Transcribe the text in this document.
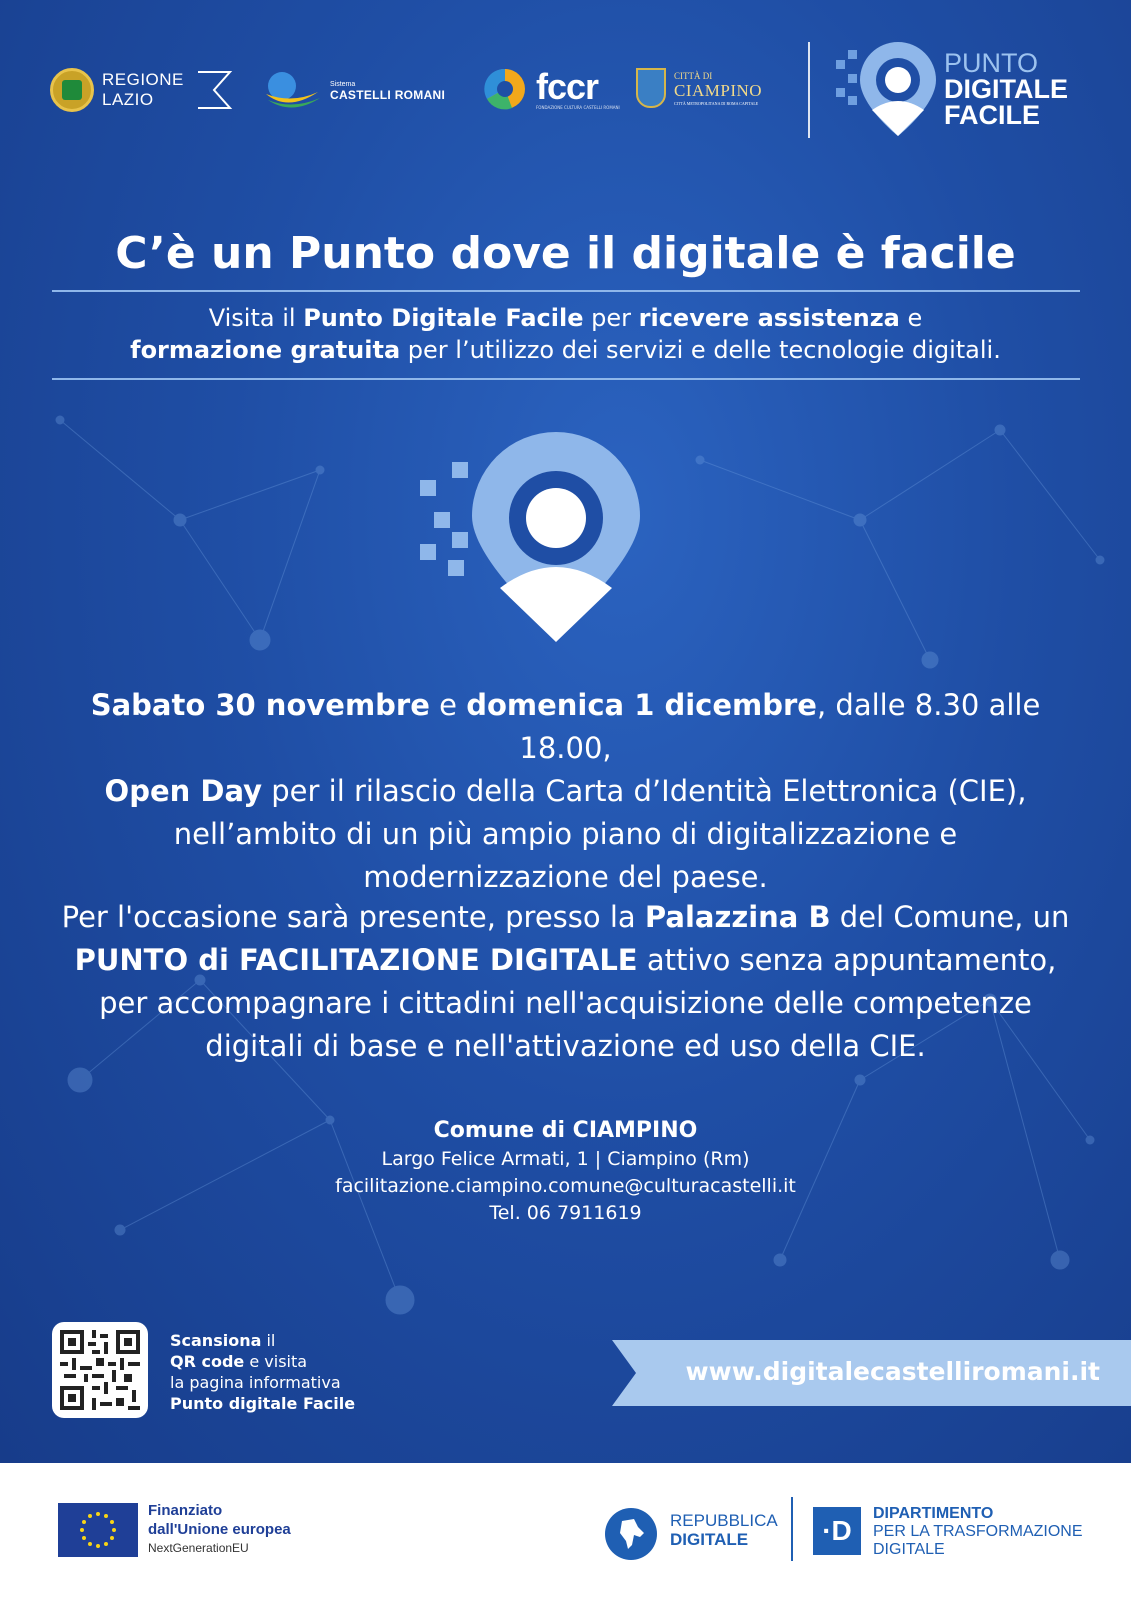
REGIONE LAZIO
Sistema
CASTELLI ROMANI	fccr
FONDAZIONE CULTURA CASTELLI ROMANI
CITTÀ DI
CIAMPINO
CITTÀ METROPOLITANA DI ROMA CAPITALE
PUNTO
DIGITALE
FACILE
C’è un Punto dove il digitale è facile
Visita il Punto Digitale Facile per ricevere assistenza e
formazione gratuita per l’utilizzo dei servizi e delle tecnologie digitali.
Sabato 30 novembre e domenica 1 dicembre, dalle 8.30 alle 18.00,
Open Day per il rilascio della Carta d’Identità Elettronica (CIE),
nell’ambito di un più ampio piano di digitalizzazione e
modernizzazione del paese.
Per l'occasione sarà presente, presso la Palazzina B del Comune, un
PUNTO di FACILITAZIONE DIGITALE attivo senza appuntamento,
per accompagnare i cittadini nell'acquisizione delle competenze
digitali di base e nell'attivazione ed uso della CIE.
Comune di CIAMPINO
Largo Felice Armati, 1 | Ciampino (Rm)
facilitazione.ciampino.comune@culturacastelli.it
Tel. 06 7911619
Scansiona il
QR code e visita
la pagina informativa
Punto digitale Facile
www.digitalecastelliromani.it
Finanziato
dall'Unione europea
NextGenerationEU
REPUBBLICA
DIGITALE	·D
DIPARTIMENTO
PER LA TRASFORMAZIONE
DIGITALE
